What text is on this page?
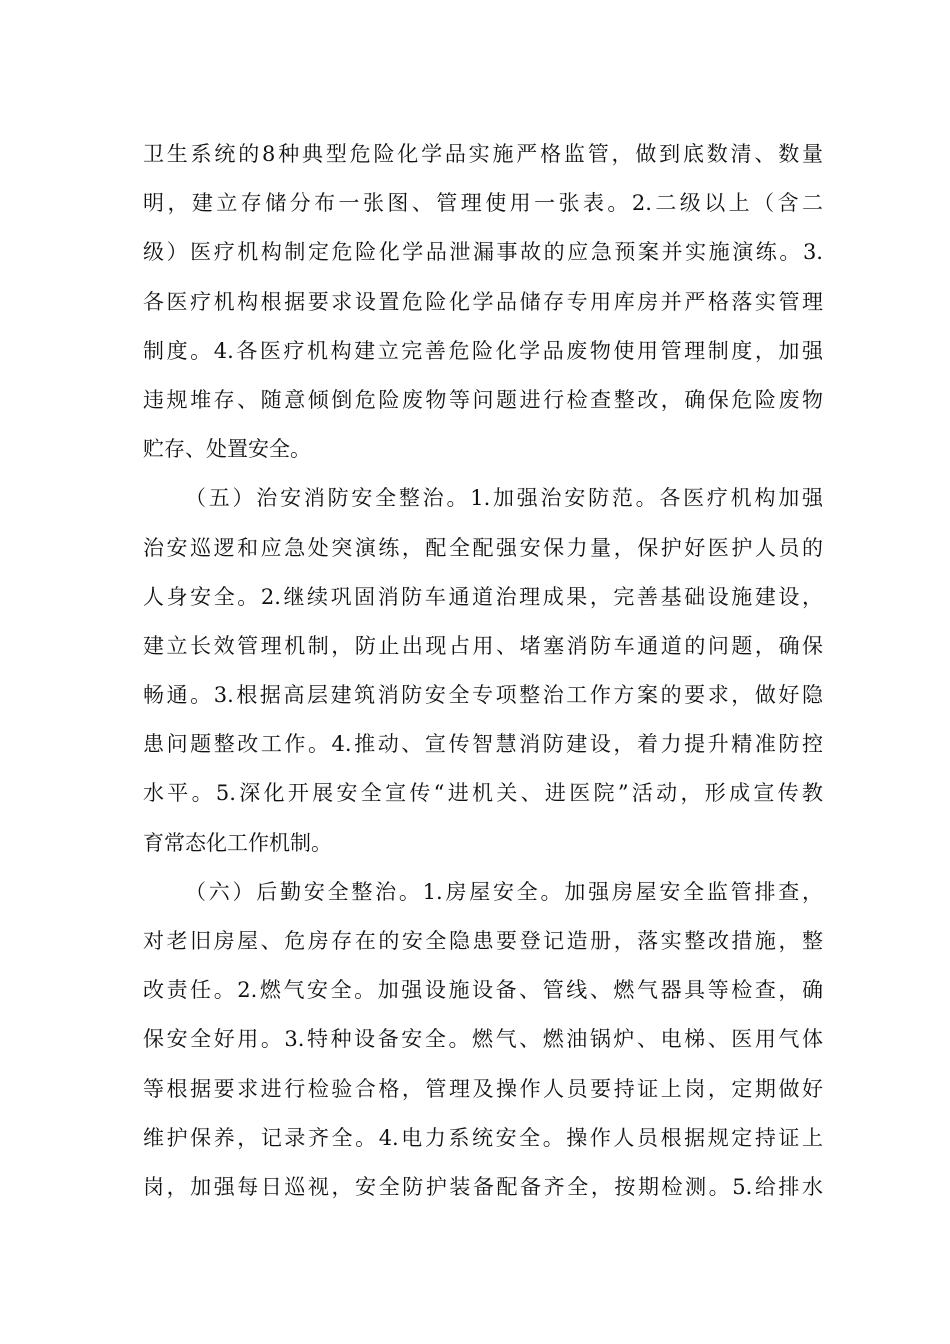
卫生系统的8种典型危险化学品实施严格监管，做到底数清、数量
明，建立存储分布一张图、管理使用一张表。2.二级以上（含二
级）医疗机构制定危险化学品泄漏事故的应急预案并实施演练。3.
各医疗机构根据要求设置危险化学品储存专用库房并严格落实管理
制度。4.各医疗机构建立完善危险化学品废物使用管理制度，加强
违规堆存、随意倾倒危险废物等问题进行检查整改，确保危险废物
贮存、处置安全。
（五）治安消防安全整治。1.加强治安防范。各医疗机构加强
治安巡逻和应急处突演练，配全配强安保力量，保护好医护人员的
人身安全。2.继续巩固消防车通道治理成果，完善基础设施建设，
建立长效管理机制，防止出现占用、堵塞消防车通道的问题，确保
畅通。3.根据高层建筑消防安全专项整治工作方案的要求，做好隐
患问题整改工作。4.推动、宣传智慧消防建设，着力提升精准防控
水平。5.深化开展安全宣传“进机关、进医院”活动，形成宣传教
育常态化工作机制。
（六）后勤安全整治。1.房屋安全。加强房屋安全监管排查，
对老旧房屋、危房存在的安全隐患要登记造册，落实整改措施，整
改责任。2.燃气安全。加强设施设备、管线、燃气器具等检查，确
保安全好用。3.特种设备安全。燃气、燃油锅炉、电梯、医用气体
等根据要求进行检验合格，管理及操作人员要持证上岗，定期做好
维护保养，记录齐全。4.电力系统安全。操作人员根据规定持证上
岗，加强每日巡视，安全防护装备配备齐全，按期检测。5.给排水
